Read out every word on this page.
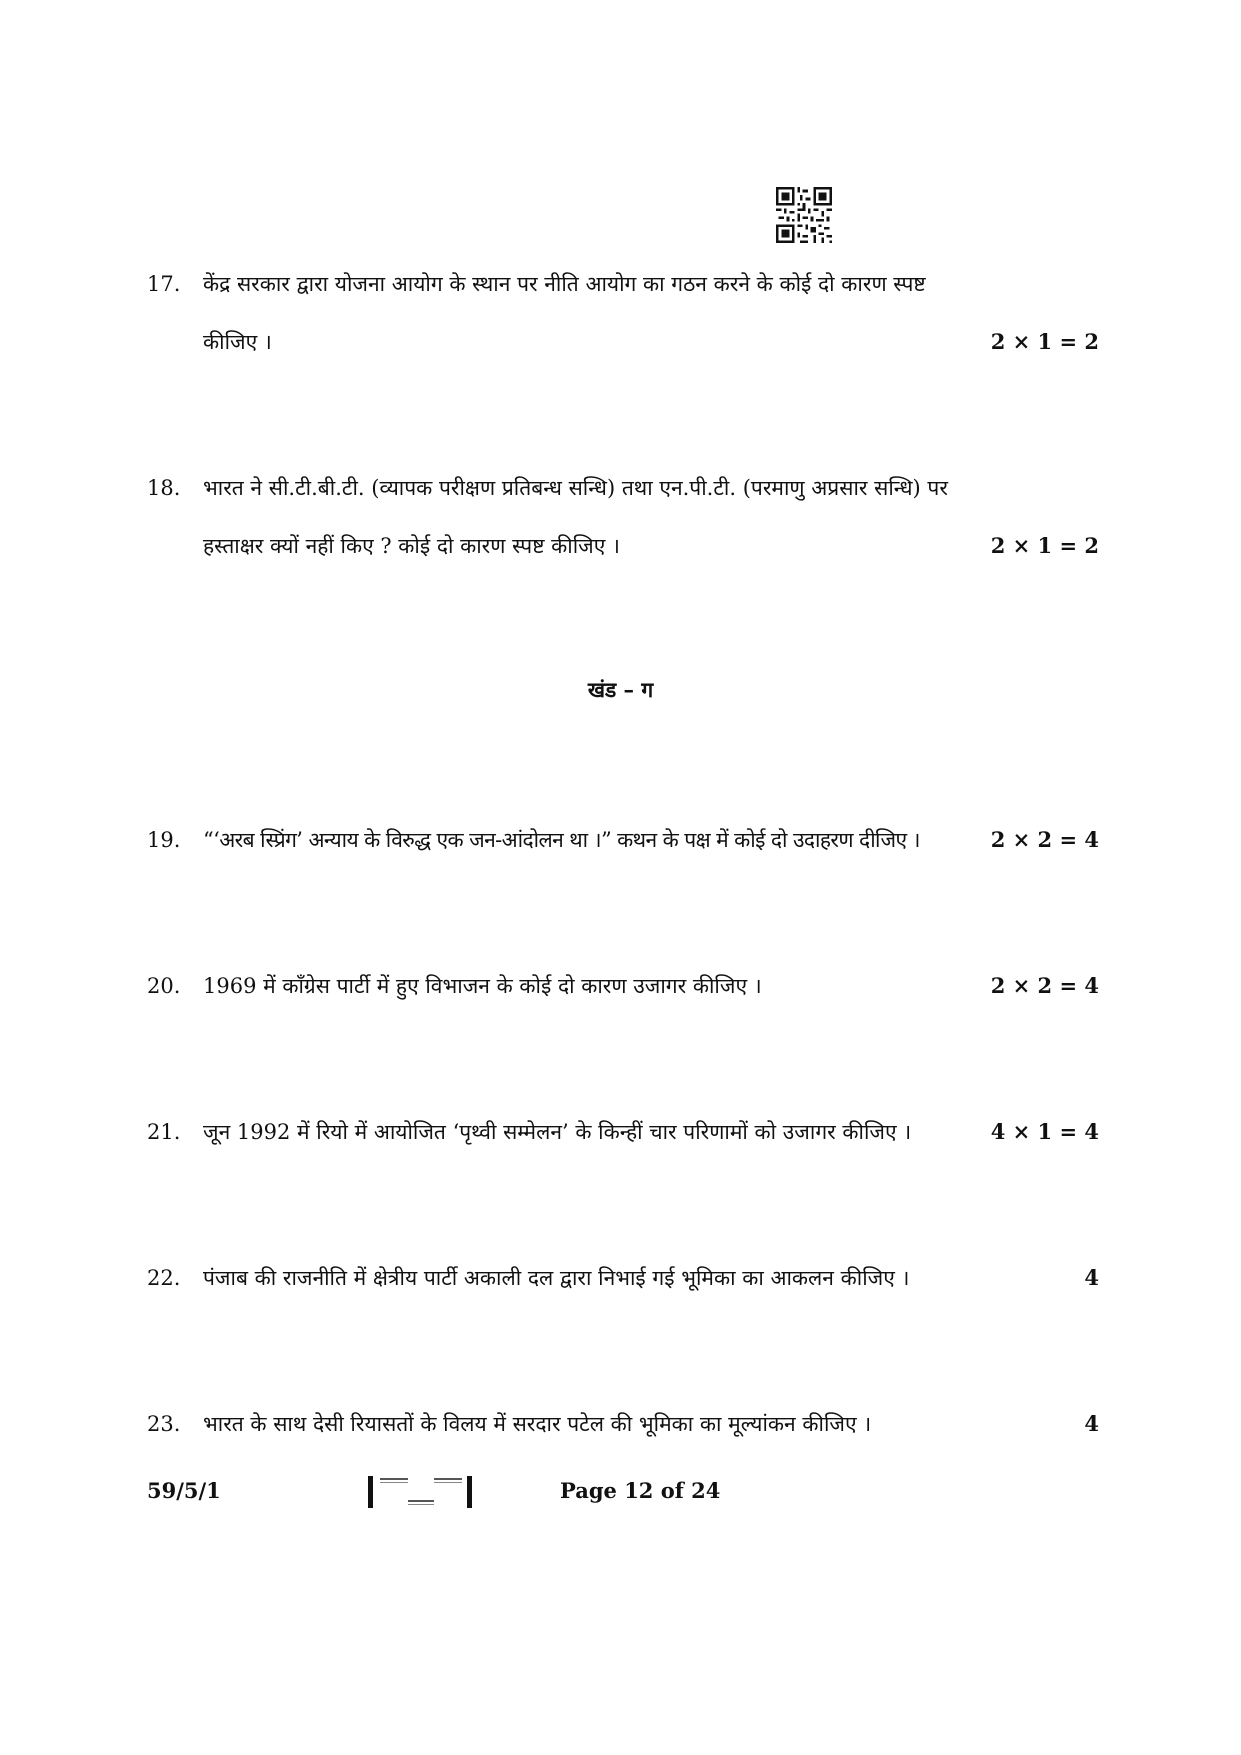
17.	केंद्र सरकार द्वारा योजना आयोग के स्थान पर नीति आयोग का गठन करने के कोई दो कारण स्पष्ट
कीजिए ।	2 × 1 = 2
18.	भारत ने सी.टी.बी.टी. (व्यापक परीक्षण प्रतिबन्ध सन्धि) तथा एन.पी.टी. (परमाणु अप्रसार सन्धि) पर
हस्ताक्षर क्यों नहीं किए ? कोई दो कारण स्पष्ट कीजिए ।	2 × 1 = 2
खंड – ग
19.	“‘अरब स्प्रिंग’ अन्याय के विरुद्ध एक जन-आंदोलन था ।” कथन के पक्ष में कोई दो उदाहरण दीजिए ।	2 × 2 = 4
20.	1969 में काँग्रेस पार्टी में हुए विभाजन के कोई दो कारण उजागर कीजिए ।	2 × 2 = 4
21.	जून 1992 में रियो में आयोजित ‘पृथ्वी सम्मेलन’ के किन्हीं चार परिणामों को उजागर कीजिए ।	4 × 1 = 4
22.	पंजाब की राजनीति में क्षेत्रीय पार्टी अकाली दल द्वारा निभाई गई भूमिका का आकलन कीजिए ।	4
23.	भारत के साथ देसी रियासतों के विलय में सरदार पटेल की भूमिका का मूल्यांकन कीजिए ।	4
59/5/1	Page 12 of 24
